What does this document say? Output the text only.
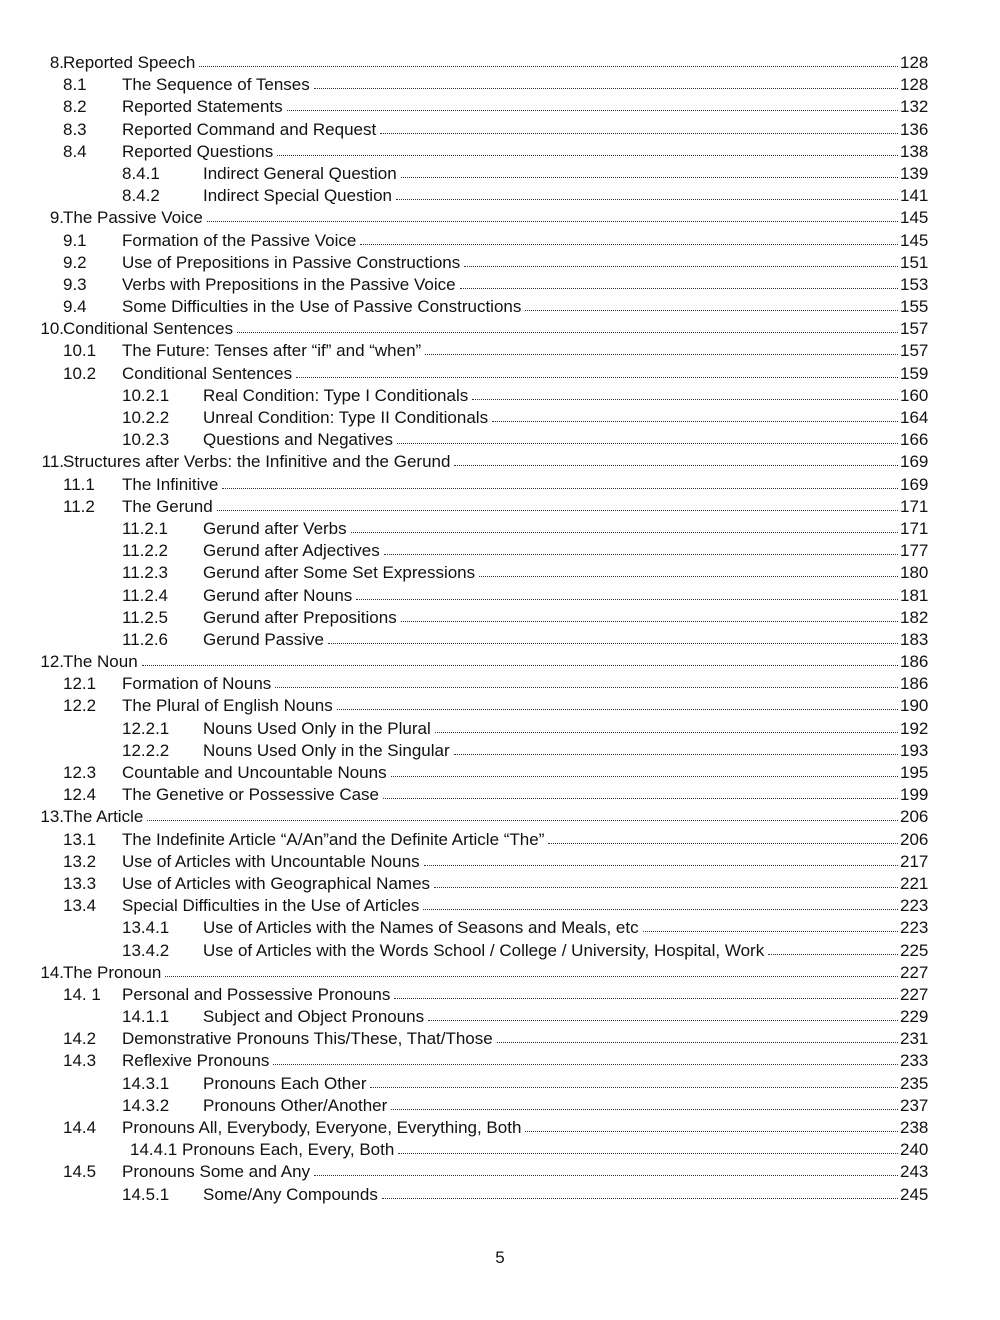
8. Reported Speech	128
8.1 The Sequence of Tenses	128
8.2 Reported Statements	132
8.3 Reported Command and Request	136
8.4 Reported Questions	138
8.4.1	Indirect General Question	139
8.4.2	Indirect Special Question	141
9. The Passive Voice	145
9.1 Formation of the Passive Voice	145
9.2 Use of Prepositions in Passive Constructions	151
9.3 Verbs with Prepositions in the Passive Voice	153
9.4 Some Difficulties in the Use of Passive Constructions	155
10. Conditional Sentences	157
10.1 The Future: Tenses after “if” and “when”	157
10.2 Conditional Sentences	159
10.2.1 Real Condition: Type I Conditionals	160
10.2.2 Unreal Condition: Type II Conditionals	164
10.2.3 Questions and Negatives	166
11. Structures after Verbs: the Infinitive and the Gerund	169
11.1 The Infinitive	169
11.2 The Gerund	171
11.2.1 Gerund after Verbs	171
11.2.2 Gerund after Adjectives	177
11.2.3 Gerund after Some Set Expressions	180
11.2.4 Gerund after Nouns	181
11.2.5 Gerund after Prepositions	182
11.2.6 Gerund Passive	183
12. The Noun	186
12.1 Formation of Nouns	186
12.2 The Plural of English Nouns	190
12.2.1 Nouns Used Only in the Plural	192
12.2.2 Nouns Used Only in the Singular	193
12.3 Countable and Uncountable Nouns	195
12.4 The Genetive or Possessive Case	199
13. The Article	206
13.1 The Indefinite Article “A/An”and the Definite Article “The”	206
13.2 Use of Articles with Uncountable Nouns	217
13.3 Use of Articles with Geographical Names	221
13.4 Special Difficulties in the Use of Articles	223
13.4.1 Use of Articles with the Names of Seasons and Meals, etc	223
13.4.2 Use of Articles with the Words School / College / University, Hospital, Work	225
14. The Pronoun	227
14. 1 Personal and Possessive Pronouns	227
14.1.1 Subject and Object Pronouns	229
14.2 Demonstrative Pronouns This/These, That/Those	231
14.3 Reflexive Pronouns	233
14.3.1 Pronouns Each Other	235
14.3.2 Pronouns Other/Another	237
14.4 Pronouns All, Everybody, Everyone, Everything, Both	238
14.4.1 Pronouns Each, Every, Both	240
14.5 Pronouns Some and Any	243
14.5.1 Some/Any Compounds	245
5
